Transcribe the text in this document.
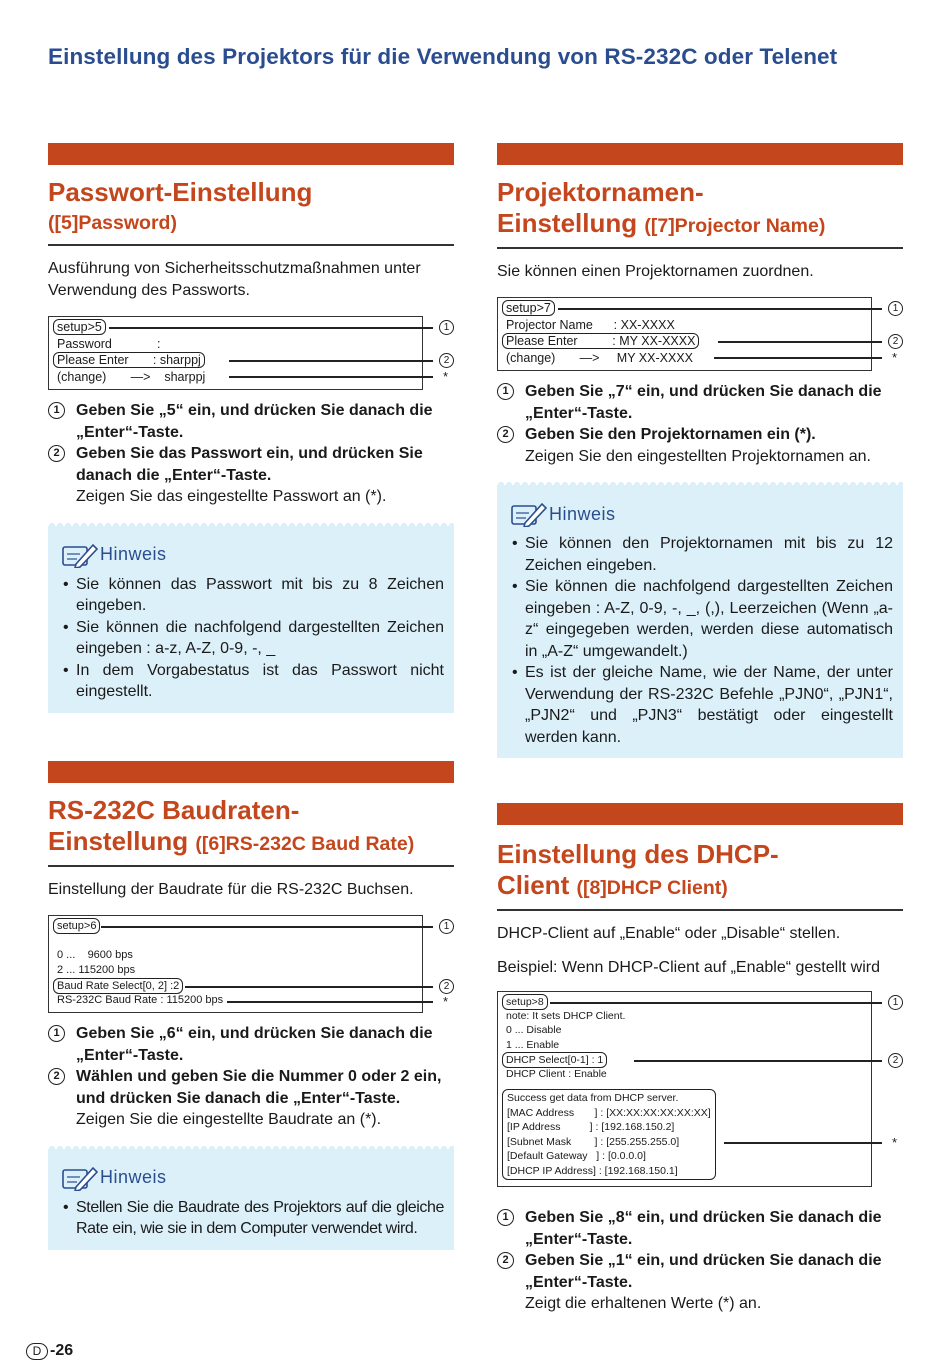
Einstellung des Projektors für die Verwendung von RS-232C oder Telenet
Passwort-Einstellung
([5]Password)
Ausführung von Sicherheitsschutzmaßnahmen unter Verwendung des Passworts.
setup>5
Password             :
Please Enter       : sharppj
(change)       —>    sharppj
1
2
*
1	Geben Sie „5“ ein, und drücken Sie danach die „Enter“-Taste.
2	Geben Sie das Passwort ein, und drücken Sie danach die „Enter“-Taste.
Zeigen Sie das eingestellte Passwort an (*).
Hinweis
• Sie können das Passwort mit bis zu 8 Zeichen eingeben.
• Sie können die nachfolgend dargestellten Zeichen eingeben : a-z, A-Z, 0-9, -, _
• In dem Vorgabestatus ist das Passwort nicht eingestellt.
RS-232C Baudraten-
Einstellung ([6]RS-232C Baud Rate)
Einstellung der Baudrate für die RS-232C Buchsen.
setup>6
0 ...    9600 bps
2 ... 115200 bps
Baud Rate Select[0, 2] :2
RS-232C Baud Rate : 115200 bps
1
2
*
1	Geben Sie „6“ ein, und drücken Sie danach die „Enter“-Taste.
2	Wählen und geben Sie die Nummer 0 oder 2 ein, und drücken Sie danach die „Enter“-Taste.
Zeigen Sie die eingestellte Baudrate an (*).
Hinweis
• Stellen Sie die Baudrate des Projektors auf die gleiche Rate ein, wie sie in dem Computer verwendet wird.
Projektornamen-
Einstellung ([7]Projector Name)
Sie können einen Projektornamen zuordnen.
setup>7
Projector Name      : XX-XXXX
Please Enter          : MY XX-XXXX
(change)       —>     MY XX-XXXX
1
2
*
1	Geben Sie „7“ ein, und drücken Sie danach die „Enter“-Taste.
2	Geben Sie den Projektornamen ein (*).
Zeigen Sie den eingestellten Projektornamen an.
Hinweis
• Sie können den Projektornamen mit bis zu 12 Zeichen eingeben.
• Sie können die nachfolgend dargestellten Zeichen eingeben : A-Z, 0-9, -, _, (,), Leerzeichen (Wenn „a-z“ eingegeben werden, werden diese automatisch in „A-Z“ umgewandelt.)
• Es ist der gleiche Name, wie der Name, der unter Verwendung der RS-232C Befehle „PJN0“, „PJN1“, „PJN2“ und „PJN3“ bestätigt oder eingestellt werden kann.
Einstellung des DHCP-
Client ([8]DHCP Client)
DHCP-Client auf „Enable“ oder „Disable“ stellen.
Beispiel: Wenn DHCP-Client auf „Enable“ gestellt wird
setup>8
note: It sets DHCP Client.
0 ... Disable
1 ... Enable
DHCP Select[0-1] : 1
DHCP Client : Enable
Success get data from DHCP server.
[MAC Address       ] : [XX:XX:XX:XX:XX:XX]
[IP Address          ] : [192.168.150.2]
[Subnet Mask        ] : [255.255.255.0]
[Default Gateway   ] : [0.0.0.0]
[DHCP IP Address] : [192.168.150.1]
1
2
*
1	Geben Sie „8“ ein, und drücken Sie danach die „Enter“-Taste.
2	Geben Sie „1“ ein, und drücken Sie danach die „Enter“-Taste.
Zeigt die erhaltenen Werte (*) an.
D -26
